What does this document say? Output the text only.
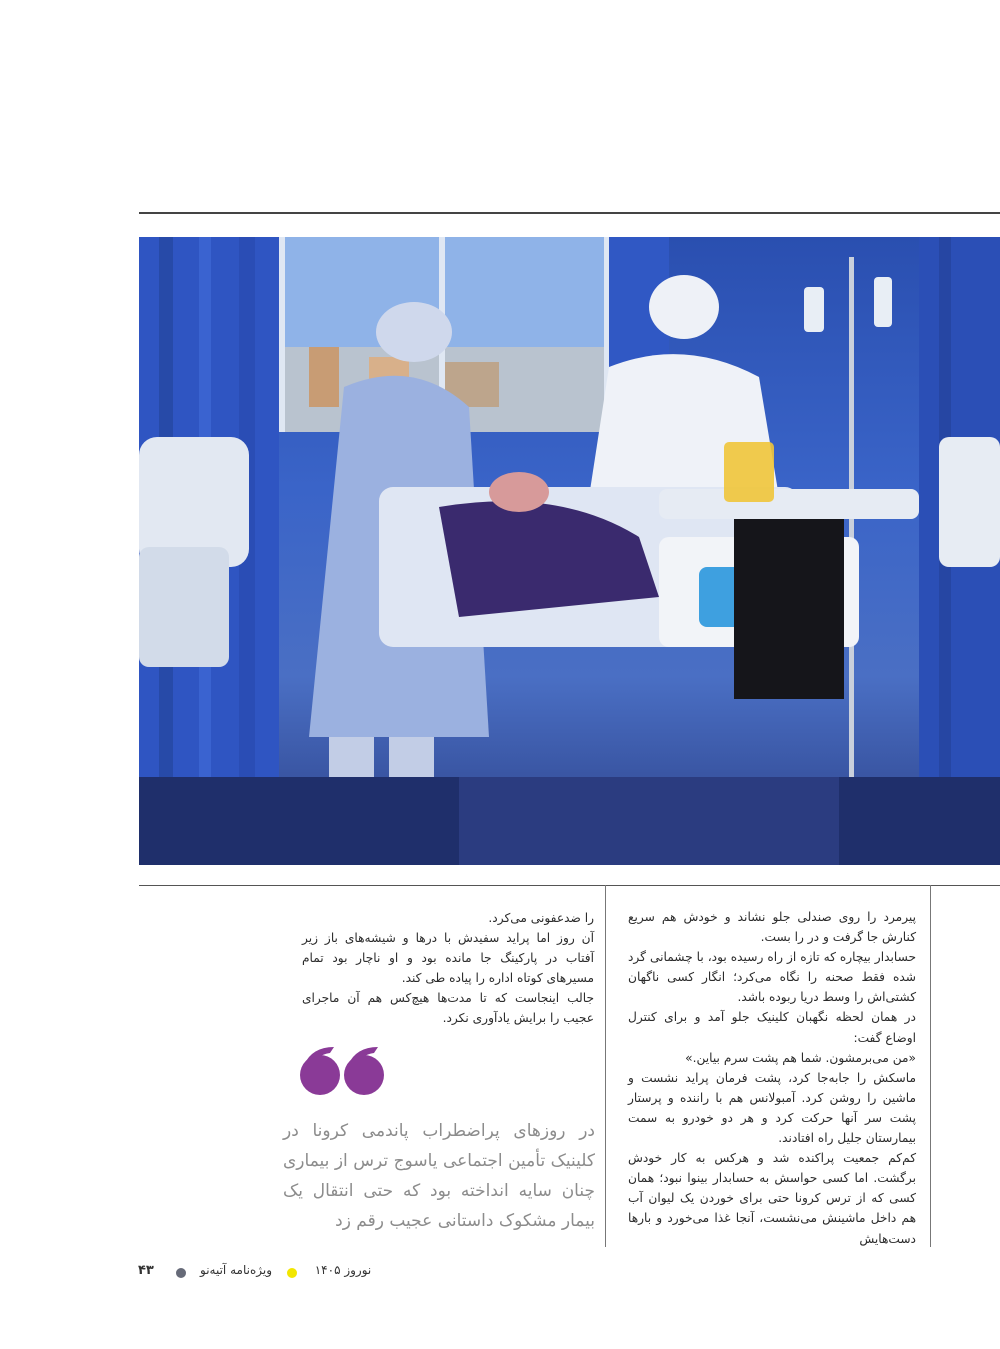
پیرمرد را روی صندلی جلو نشاند و خودش هم سریع کنارش جا گرفت و در را بست.

حسابدار بیچاره که تازه از راه رسیده بود، با چشمانی گرد شده فقط صحنه را نگاه می‌کرد؛ انگار کسی ناگهان کشتی‌اش را وسط دریا ربوده باشد.

در همان لحظه نگهبان کلینیک جلو آمد و برای کنترل اوضاع گفت:

«من می‌برمشون. شما هم پشت سرم بیاین.»

ماسکش را جابه‌جا کرد، پشت فرمان پراید نشست و ماشین را روشن کرد. آمبولانس هم با راننده و پرستار پشت سر آنها حرکت کرد و هر دو خودرو به سمت بیمارستان جلیل راه افتادند.

کم‌کم جمعیت پراکنده شد و هرکس به کار خودش برگشت. اما کسی حواسش به حسابدار بینوا نبود؛ همان کسی که از ترس کرونا حتی برای خوردن یک لیوان آب هم داخل ماشینش می‌نشست، آنجا غذا می‌خورد و بارها دست‌هایش

را ضدعفونی می‌کرد.

آن روز اما پراید سفیدش با درها و شیشه‌های باز زیر آفتاب در پارکینگ جا مانده بود و او ناچار بود تمام مسیرهای کوتاه اداره را پیاده طی کند.

جالب اینجاست که تا مدت‌ها هیچ‌کس هم آن ماجرای عجیب را برایش یادآوری نکرد.

در روزهای پراضطراب پاندمی کرونا در کلینیک تأمین اجتماعی یاسوج ترس از بیماری چنان سایه انداخته بود که حتی انتقال یک بیمار مشکوک داستانی عجیب رقم زد
۴۳	ویژه‌نامه آتیه‌نو	نوروز ۱۴۰۵
